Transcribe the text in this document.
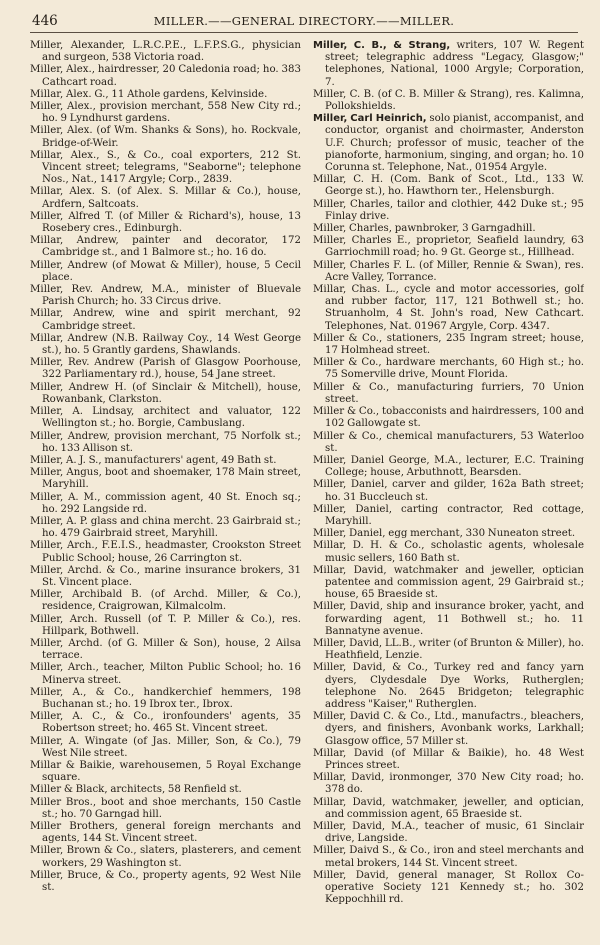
446	MILLER.——GENERAL DIRECTORY.——MILLER.

Miller, Alexander, L.R.C.P.E., L.F.P.S.G., physician and surgeon, 538 Victoria road.

Miller, Alex., hairdresser, 20 Caledonia road; ho. 383 Cathcart road.

Millar, Alex. G., 11 Athole gardens, Kelvinside.

Miller, Alex., provision merchant, 558 New City rd.; ho. 9 Lyndhurst gardens.

Miller, Alex. (of Wm. Shanks & Sons), ho. Rockvale, Bridge-of-Weir.

Millar, Alex., S., & Co., coal exporters, 212 St. Vincent street; telegrams, "Seaborne"; telephone Nos., Nat., 1417 Argyle; Corp., 2839.

Millar, Alex. S. (of Alex. S. Millar & Co.), house, Ardfern, Saltcoats.

Miller, Alfred T. (of Miller & Richard's), house, 13 Rosebery cres., Edinburgh.

Millar, Andrew, painter and decorator, 172 Cambridge st., and 1 Balmore st.; ho. 16 do.

Miller, Andrew (of Mowat & Miller), house, 5 Cecil place.

Miller, Rev. Andrew, M.A., minister of Bluevale Parish Church; ho. 33 Circus drive.

Millar, Andrew, wine and spirit merchant, 92 Cambridge street.

Millar, Andrew (N.B. Railway Coy., 14 West George st.), ho. 5 Grantly gardens, Shawlands.

Miller, Rev. Andrew (Parish of Glasgow Poorhouse, 322 Parliamentary rd.), house, 54 Jane street.

Miller, Andrew H. (of Sinclair & Mitchell), house, Rowanbank, Clarkston.

Miller, A. Lindsay, architect and valuator, 122 Wellington st.; ho. Borgie, Cambuslang.

Miller, Andrew, provision merchant, 75 Norfolk st.; ho. 133 Allison st.

Miller, A. J. S., manufacturers' agent, 49 Bath st.

Miller, Angus, boot and shoemaker, 178 Main street, Maryhill.

Miller, A. M., commission agent, 40 St. Enoch sq.; ho. 292 Langside rd.

Miller, A. P. glass and china mercht. 23 Gairbraid st.; ho. 479 Gairbraid street, Maryhill.

Miller, Arch., F.E.I.S., headmaster, Crookston Street Public School; house, 26 Carrington st.

Miller, Archd. & Co., marine insurance brokers, 31 St. Vincent place.

Miller, Archibald B. (of Archd. Miller, & Co.), residence, Craigrowan, Kilmalcolm.

Miller, Arch. Russell (of T. P. Miller & Co.), res. Hillpark, Bothwell.

Miller, Archd. (of G. Miller & Son), house, 2 Ailsa terrace.

Miller, Arch., teacher, Milton Public School; ho. 16 Minerva street.

Miller, A., & Co., handkerchief hemmers, 198 Buchanan st.; ho. 19 Ibrox ter., Ibrox.

Miller, A. C., & Co., ironfounders' agents, 35 Robertson street; ho. 465 St. Vincent street.

Miller, A. Wingate (of Jas. Miller, Son, & Co.), 79 West Nile street.

Millar & Baikie, warehousemen, 5 Royal Exchange square.

Miller & Black, architects, 58 Renfield st.

Miller Bros., boot and shoe merchants, 150 Castle st.; ho. 70 Garngad hill.

Miller Brothers, general foreign merchants and agents, 144 St. Vincent street.

Miller, Brown & Co., slaters, plasterers, and cement workers, 29 Washington st.

Miller, Bruce, & Co., property agents, 92 West Nile st.

Miller, C. B., & Strang, writers, 107 W. Regent street; telegraphic address "Legacy, Glasgow;" telephones, National, 1000 Argyle; Corporation, 7.

Miller, C. B. (of C. B. Miller & Strang), res. Kalimna, Pollokshields.

Miller, Carl Heinrich, solo pianist, accompanist, and conductor, organist and choirmaster, Anderston U.F. Church; professor of music, teacher of the pianoforte, harmonium, singing, and organ; ho. 10 Corunna st. Telephone, Nat., 01954 Argyle.

Millar, C. H. (Com. Bank of Scot., Ltd., 133 W. George st.), ho. Hawthorn ter., Helensburgh.

Miller, Charles, tailor and clothier, 442 Duke st.; 95 Finlay drive.

Miller, Charles, pawnbroker, 3 Garngadhill.

Miller, Charles E., proprietor, Seafield laundry, 63 Garriochmill road; ho. 9 Gt. George st., Hillhead.

Miller, Charles F. L. (of Miller, Rennie & Swan), res. Acre Valley, Torrance.

Millar, Chas. L., cycle and motor accessories, golf and rubber factor, 117, 121 Bothwell st.; ho. Struanholm, 4 St. John's road, New Cathcart. Telephones, Nat. 01967 Argyle, Corp. 4347.

Miller & Co., stationers, 235 Ingram street; house, 17 Holmhead street.

Miller & Co., hardware merchants, 60 High st.; ho. 75 Somerville drive, Mount Florida.

Miller & Co., manufacturing furriers, 70 Union street.

Miller & Co., tobacconists and hairdressers, 100 and 102 Gallowgate st.

Miller & Co., chemical manufacturers, 53 Waterloo st.

Miller, Daniel George, M.A., lecturer, E.C. Training College; house, Arbuthnott, Bearsden.

Miller, Daniel, carver and gilder, 162a Bath street; ho. 31 Buccleuch st.

Miller, Daniel, carting contractor, Red cottage, Maryhill.

Miller, Daniel, egg merchant, 330 Nuneaton street.

Millar, D. H. & Co., scholastic agents, wholesale music sellers, 160 Bath st.

Millar, David, watchmaker and jeweller, optician patentee and commission agent, 29 Gairbraid st.; house, 65 Braeside st.

Miller, David, ship and insurance broker, yacht, and forwarding agent, 11 Bothwell st.; ho. 11 Bannatyne avenue.

Miller, David, LL.B., writer (of Brunton & Miller), ho. Heathfield, Lenzie.

Miller, David, & Co., Turkey red and fancy yarn dyers, Clydesdale Dye Works, Rutherglen; telephone No. 2645 Bridgeton; telegraphic address "Kaiser," Rutherglen.

Miller, David C. & Co., Ltd., manufactrs., bleachers, dyers, and finishers, Avonbank works, Larkhall; Glasgow office, 57 Miller st.

Millar, David (of Millar & Baikie), ho. 48 West Princes street.

Millar, David, ironmonger, 370 New City road; ho. 378 do.

Millar, David, watchmaker, jeweller, and optician, and commission agent, 65 Braeside st.

Miller, David, M.A., teacher of music, 61 Sinclair drive, Langside.

Miller, Daivd S., & Co., iron and steel merchants and metal brokers, 144 St. Vincent street.

Miller, David, general manager, St Rollox Co-operative Society 121 Kennedy st.; ho. 302 Keppochhill rd.
